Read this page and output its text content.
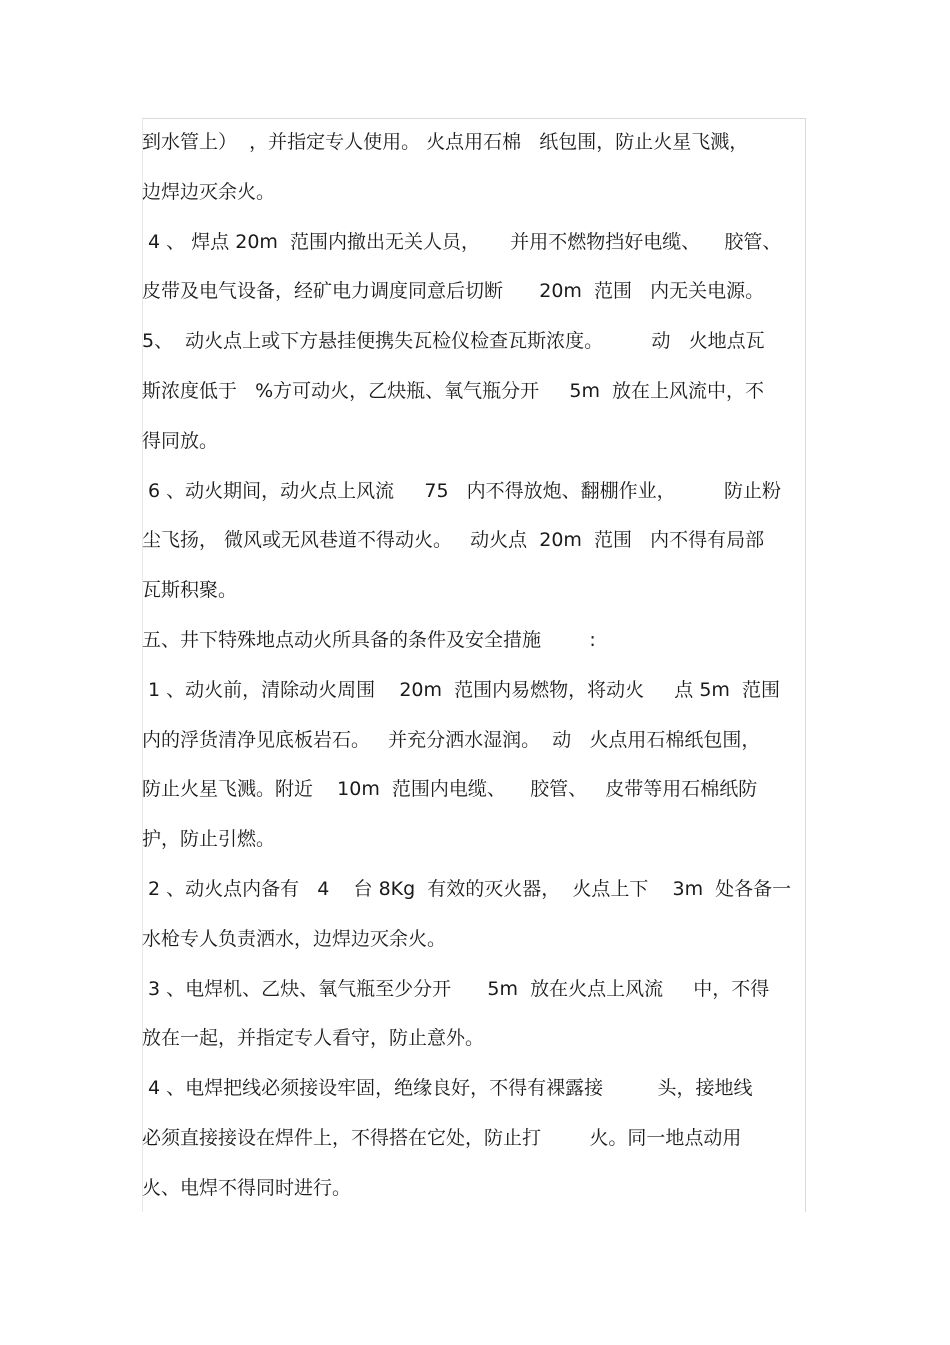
到水管上）  ，并指定专人使用。 火点用石棉   纸包围，防止火星飞溅，
边焊边灭余火。
4 、 焊点 20m  范围内撤出无关人员，     并用不燃物挡好电缆、    胶管、
皮带及电气设备，经矿电力调度同意后切断      20m  范围   内无关电源。
5、  动火点上或下方悬挂便携失瓦检仪检查瓦斯浓度。        动   火地点瓦
斯浓度低于   %方可动火，乙炔瓶、氧气瓶分开     5m  放在上风流中，不
得同放。
6 、动火期间，动火点上风流     75   内不得放炮、翻棚作业，        防止粉
尘飞扬， 微风或无风巷道不得动火。   动火点  20m  范围   内不得有局部
瓦斯积聚。
五、井下特殊地点动火所具备的条件及安全措施        :
1 、动火前，清除动火周围    20m  范围内易燃物，将动火     点 5m  范围
内的浮货清净见底板岩石。   并充分洒水湿润。  动   火点用石棉纸包围，
防止火星飞溅。附近    10m  范围内电缆、    胶管、   皮带等用石棉纸防
护，防止引燃。
2 、动火点内备有   4    台 8Kg  有效的灭火器，  火点上下    3m  处各备一
水枪专人负责洒水，边焊边灭余火。
3 、电焊机、乙炔、氧气瓶至少分开      5m  放在火点上风流     中，不得
放在一起，并指定专人看守，防止意外。
4 、电焊把线必须接设牢固，绝缘良好，不得有裸露接         头，接地线
必须直接接设在焊件上，不得搭在它处，防止打        火。同一地点动用
火、电焊不得同时进行。
